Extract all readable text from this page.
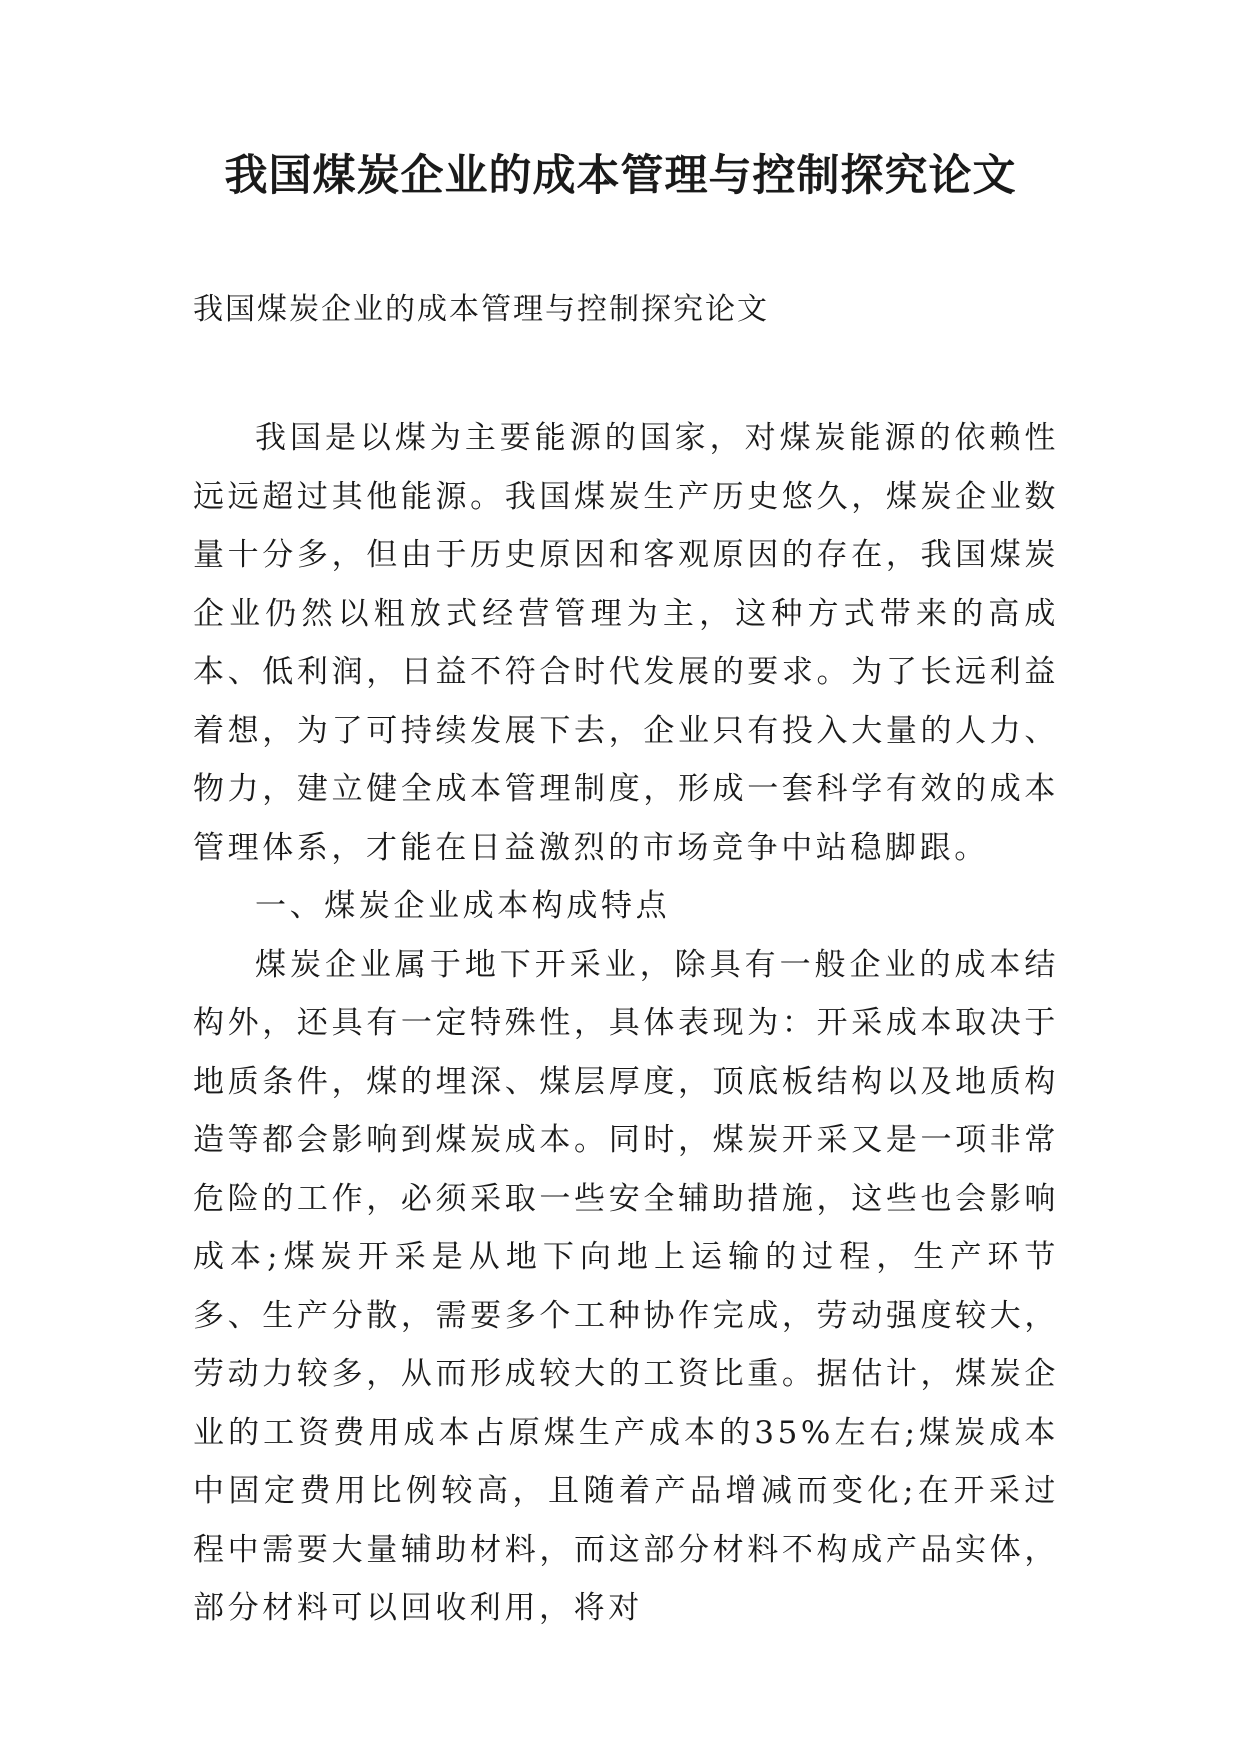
我国煤炭企业的成本管理与控制探究论文

我国煤炭企业的成本管理与控制探究论文

我国是以煤为主要能源的国家，对煤炭能源的依赖性远远超过其他能源。我国煤炭生产历史悠久，煤炭企业数量十分多，但由于历史原因和客观原因的存在，我国煤炭企业仍然以粗放式经营管理为主，这种方式带来的高成本、低利润，日益不符合时代发展的要求。为了长远利益着想，为了可持续发展下去，企业只有投入大量的人力、物力，建立健全成本管理制度，形成一套科学有效的成本管理体系，才能在日益激烈的市场竞争中站稳脚跟。

一、煤炭企业成本构成特点

煤炭企业属于地下开采业，除具有一般企业的成本结构外，还具有一定特殊性，具体表现为：开采成本取决于地质条件，煤的埋深、煤层厚度，顶底板结构以及地质构造等都会影响到煤炭成本。同时，煤炭开采又是一项非常危险的工作，必须采取一些安全辅助措施，这些也会影响成本;煤炭开采是从地下向地上运输的过程，生产环节多、生产分散，需要多个工种协作完成，劳动强度较大，劳动力较多，从而形成较大的工资比重。据估计，煤炭企业的工资费用成本占原煤生产成本的35%左右;煤炭成本中固定费用比例较高，且随着产品增减而变化;在开采过程中需要大量辅助材料，而这部分材料不构成产品实体，部分材料可以回收利用，将对
